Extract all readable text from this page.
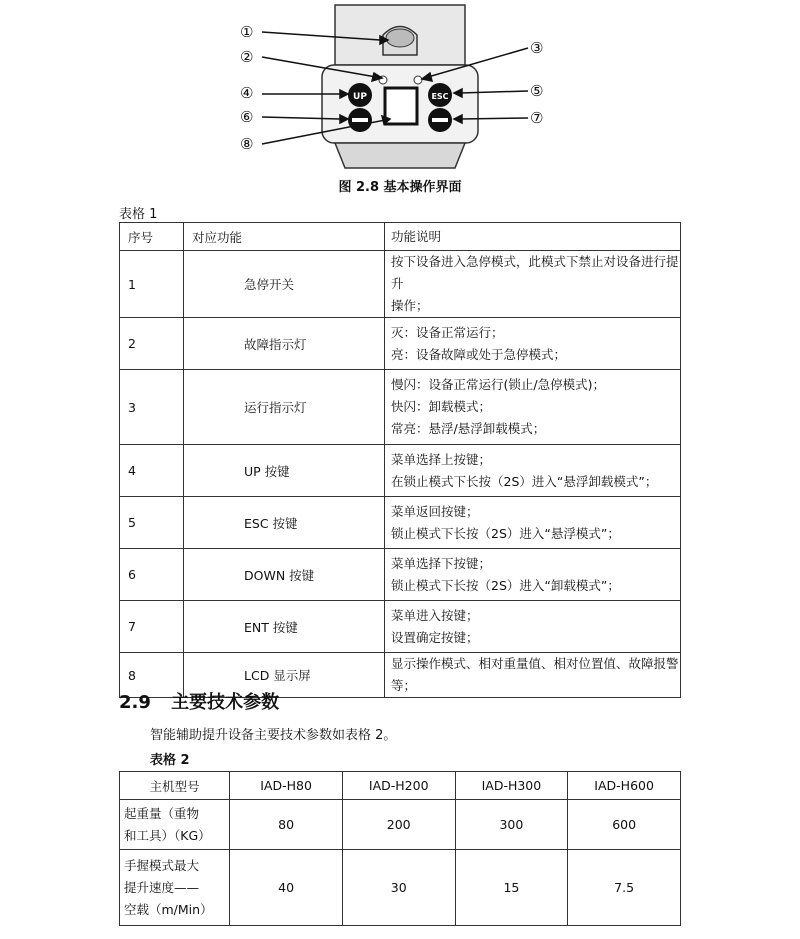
UP	ESC
①
②	③
④	⑤
⑥	⑦
⑧
图 2.8 基本操作界面
表格 1
序号	对应功能	功能说明
1	急停开关	按下设备进入急停模式，此模式下禁止对设备进行提升
操作；

2	故障指示灯	灭：设备正常运行；
亮：设备故障或处于急停模式；

3	运行指示灯	慢闪：设备正常运行(锁止/急停模式)；
快闪：卸载模式；
常亮：悬浮/悬浮卸载模式；

4	UP 按键	菜单选择上按键；
在锁止模式下长按（2S）进入“悬浮卸载模式”；

5	ESC 按键	菜单返回按键；
锁止模式下长按（2S）进入“悬浮模式”；

6	DOWN 按键	菜单选择下按键；
锁止模式下长按（2S）进入“卸载模式”；

7	ENT 按键	菜单进入按键；
设置确定按键；

8	LCD 显示屏	显示操作模式、相对重量值、相对位置值、故障报警等；
2.9 主要技术参数
智能辅助提升设备主要技术参数如表格 2。
表格 2
主机型号	IAD-H80	IAD-H200	IAD-H300	IAD-H600

起重量（重物
和工具）（KG）	80	200	300	600

手握模式最大
提升速度——
空载（m/Min）	40	30	15	7.5
